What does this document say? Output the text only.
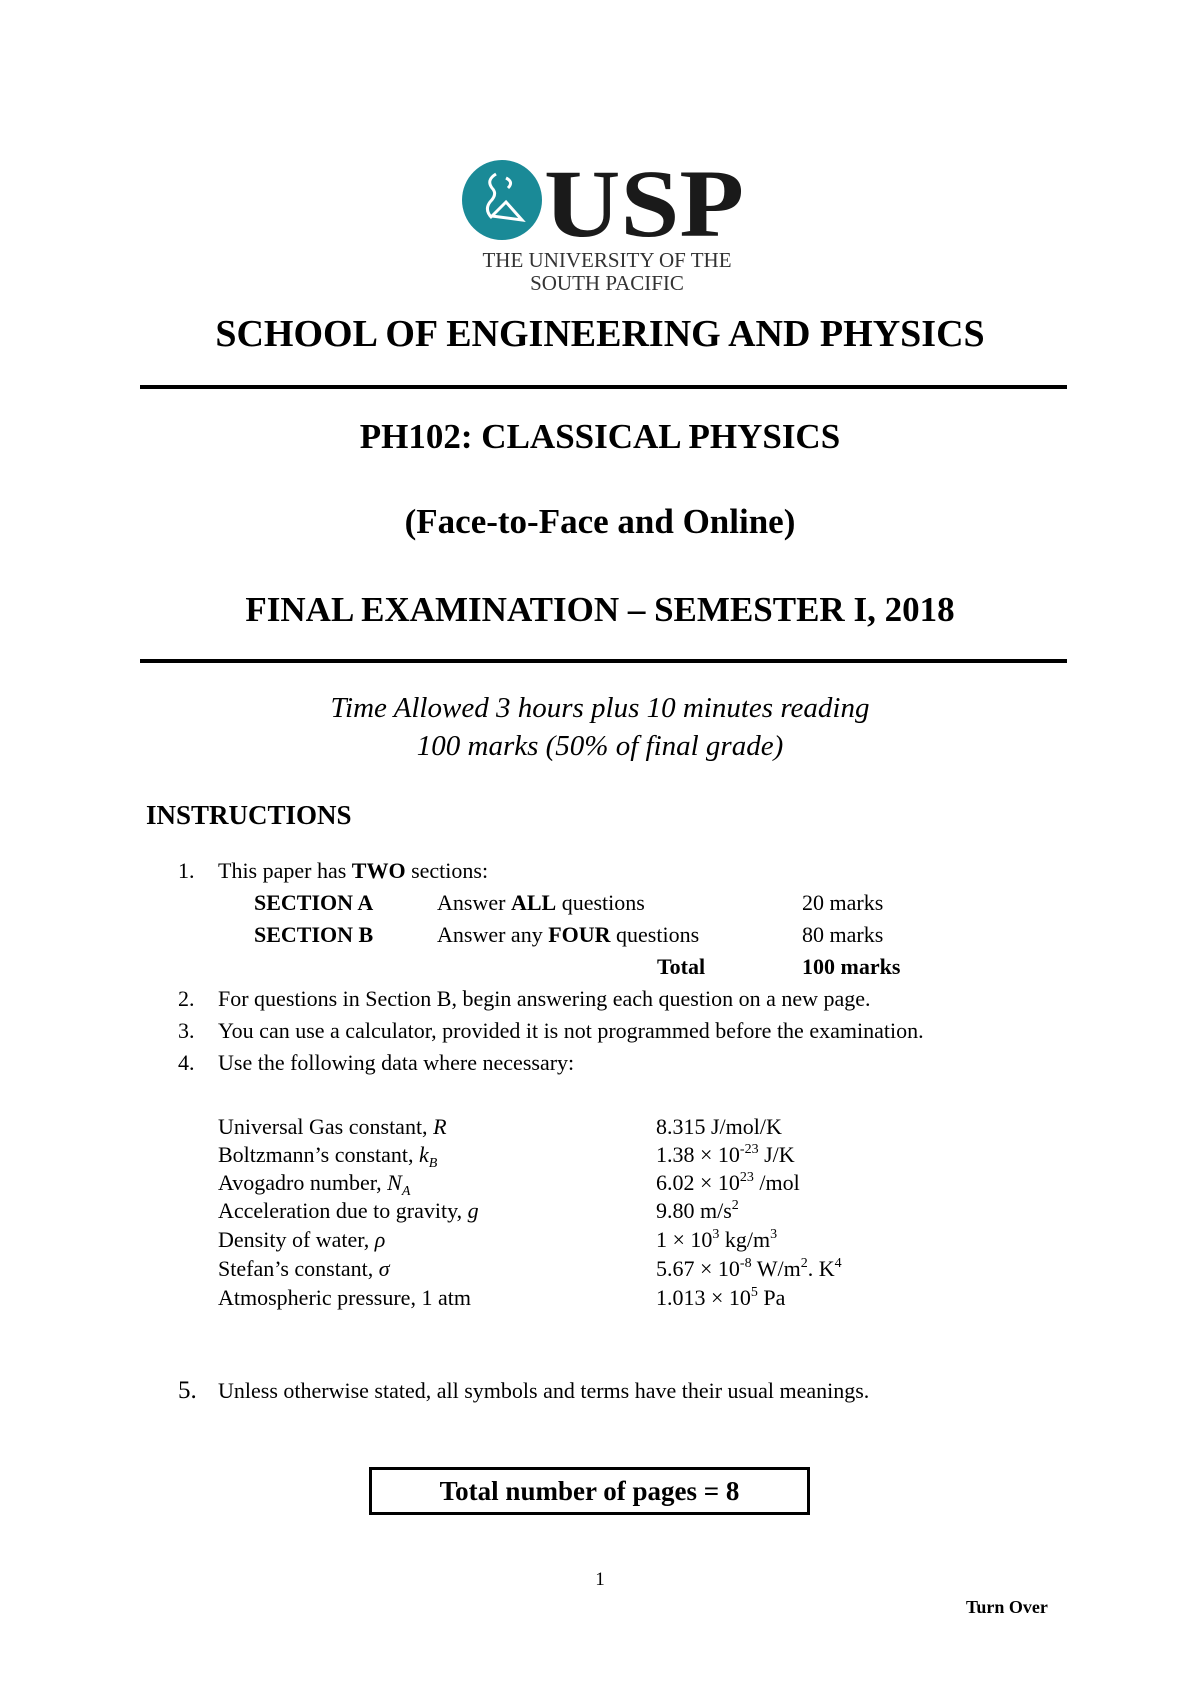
USP
THE UNIVERSITY OF THE
SOUTH PACIFIC
SCHOOL OF ENGINEERING AND PHYSICS
PH102: CLASSICAL PHYSICS
(Face-to-Face and Online)
FINAL EXAMINATION – SEMESTER I, 2018
Time Allowed 3 hours plus 10 minutes reading
100 marks (50% of final grade)
INSTRUCTIONS
1. This paper has TWO sections:
SECTION A	Answer ALL questions	20 marks
SECTION B	Answer any FOUR questions	80 marks
Total	100 marks
2. For questions in Section B, begin answering each question on a new page.
3. You can use a calculator, provided it is not programmed before the examination.
4. Use the following data where necessary:
Universal Gas constant, R	8.315 J/mol/K
Boltzmann’s constant, $k_B$	$1.38 \times 10^{-23}$ J/K
Avogadro number, $N_A$	$6.02 \times 10^{23}$ /mol
Acceleration due to gravity, g	9.80 $m/s^2$
Density of water, ρ	$1 \times 10^3$ $kg/m^3$
Stefan’s constant, σ	$5.67 \times 10^{-8}$ $W/m^2$. $K^4$
Atmospheric pressure, 1 atm	$1.013 \times 10^5$ Pa
5. Unless otherwise stated, all symbols and terms have their usual meanings.
Total number of pages = 8
1
Turn Over
